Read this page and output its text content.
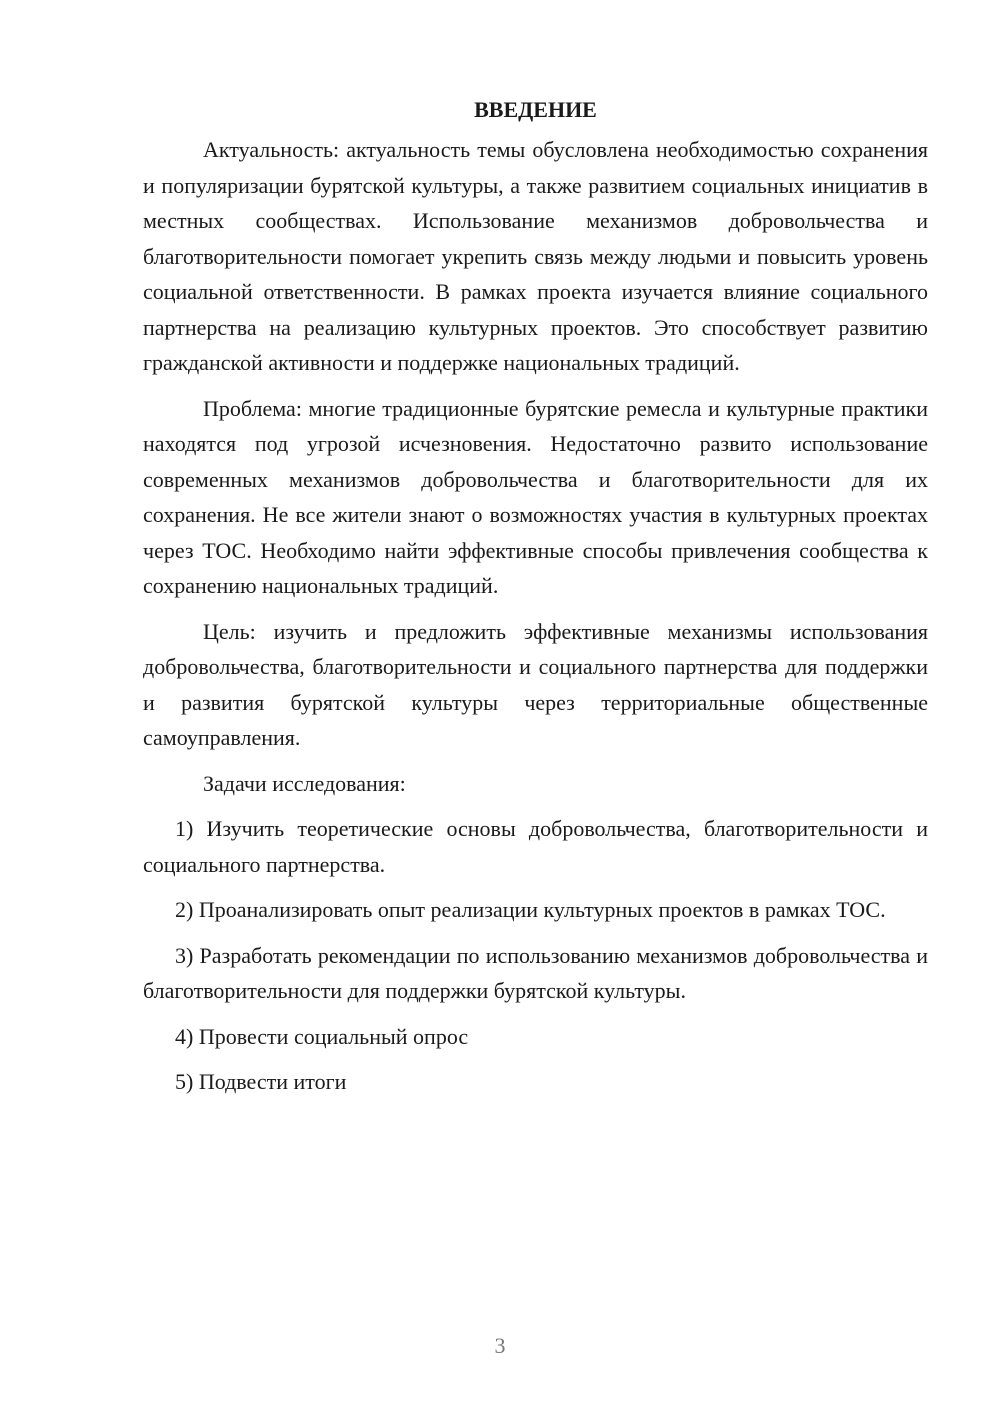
ВВЕДЕНИЕ

Актуальность: актуальность темы обусловлена необходимостью сохранения и популяризации бурятской культуры, а также развитием социальных инициатив в местных сообществах. Использование механизмов добровольчества и благотворительности помогает укрепить связь между людьми и повысить уровень социальной ответственности. В рамках проекта изучается влияние социального партнерства на реализацию культурных проектов. Это способствует развитию гражданской активности и поддержке национальных традиций.

Проблема: многие традиционные бурятские ремесла и культурные практики находятся под угрозой исчезновения. Недостаточно развито использование современных механизмов добровольчества и благотворительности для их сохранения. Не все жители знают о возможностях участия в культурных проектах через ТОС. Необходимо найти эффективные способы привлечения сообщества к сохранению национальных традиций.

Цель: изучить и предложить эффективные механизмы использования добровольчества, благотворительности и социального партнерства для поддержки и развития бурятской культуры через территориальные общественные самоуправления.

Задачи исследования:

1) Изучить теоретические основы добровольчества, благотворительности и социального партнерства.

2) Проанализировать опыт реализации культурных проектов в рамках ТОС.

3) Разработать рекомендации по использованию механизмов добровольчества и благотворительности для поддержки бурятской культуры.

4) Провести социальный опрос

5) Подвести итоги

3
